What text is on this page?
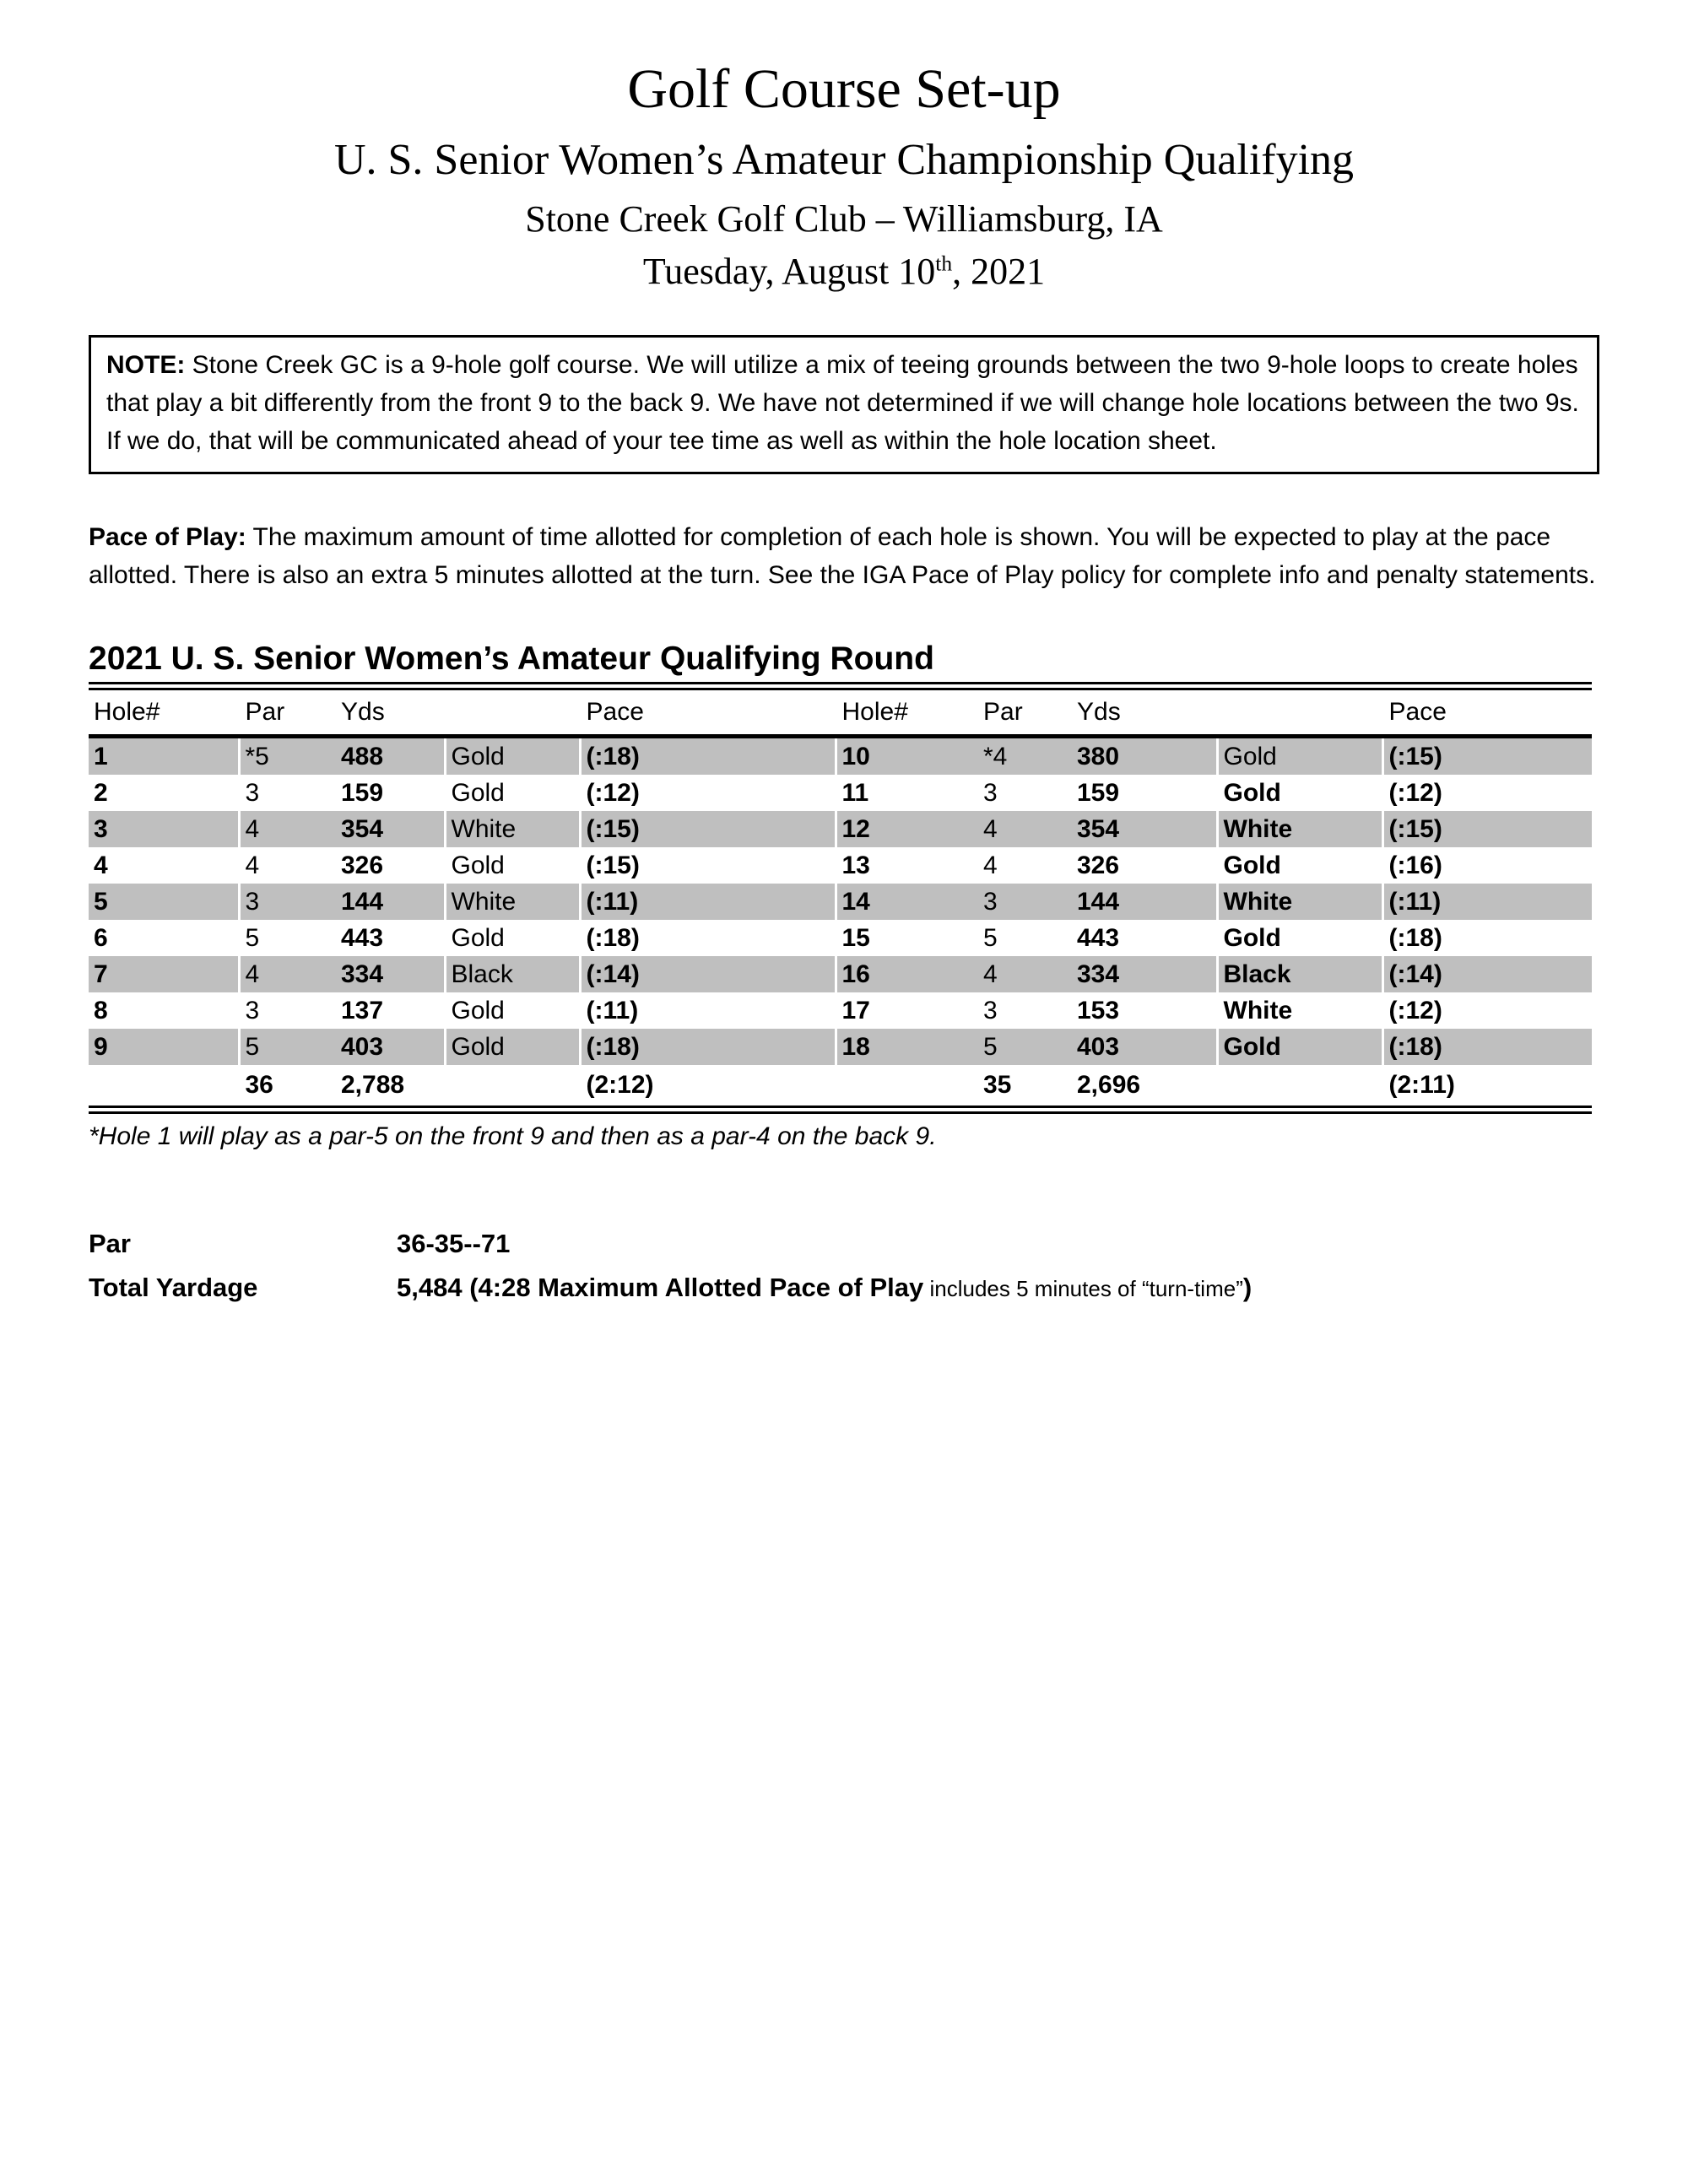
Golf Course Set-up
U. S. Senior Women’s Amateur Championship Qualifying
Stone Creek Golf Club – Williamsburg, IA
Tuesday, August 10th, 2021
NOTE: Stone Creek GC is a 9-hole golf course. We will utilize a mix of teeing grounds between the two 9-hole loops to create holes that play a bit differently from the front 9 to the back 9. We have not determined if we will change hole locations between the two 9s. If we do, that will be communicated ahead of your tee time as well as within the hole location sheet.

Pace of Play: The maximum amount of time allotted for completion of each hole is shown. You will be expected to play at the pace allotted. There is also an extra 5 minutes allotted at the turn. See the IGA Pace of Play policy for complete info and penalty statements.

2021 U. S. Senior Women’s Amateur Qualifying Round
Hole#	Par	Yds		Pace	Hole#	Par	Yds		Pace
1	*5	488	Gold	(:18)	10	*4	380	Gold	(:15)
2	3	159	Gold	(:12)	11	3	159	Gold	(:12)
3	4	354	White	(:15)	12	4	354	White	(:15)
4	4	326	Gold	(:15)	13	4	326	Gold	(:16)
5	3	144	White	(:11)	14	3	144	White	(:11)
6	5	443	Gold	(:18)	15	5	443	Gold	(:18)
7	4	334	Black	(:14)	16	4	334	Black	(:14)
8	3	137	Gold	(:11)	17	3	153	White	(:12)
9	5	403	Gold	(:18)	18	5	403	Gold	(:18)
	36	2,788		(2:12)		35	2,696		(2:11)

*Hole 1 will play as a par-5 on the front 9 and then as a par-4 on the back 9.

Par	36-35--71
Total Yardage	5,484 (4:28 Maximum Allotted Pace of Play includes 5 minutes of “turn-time”)
